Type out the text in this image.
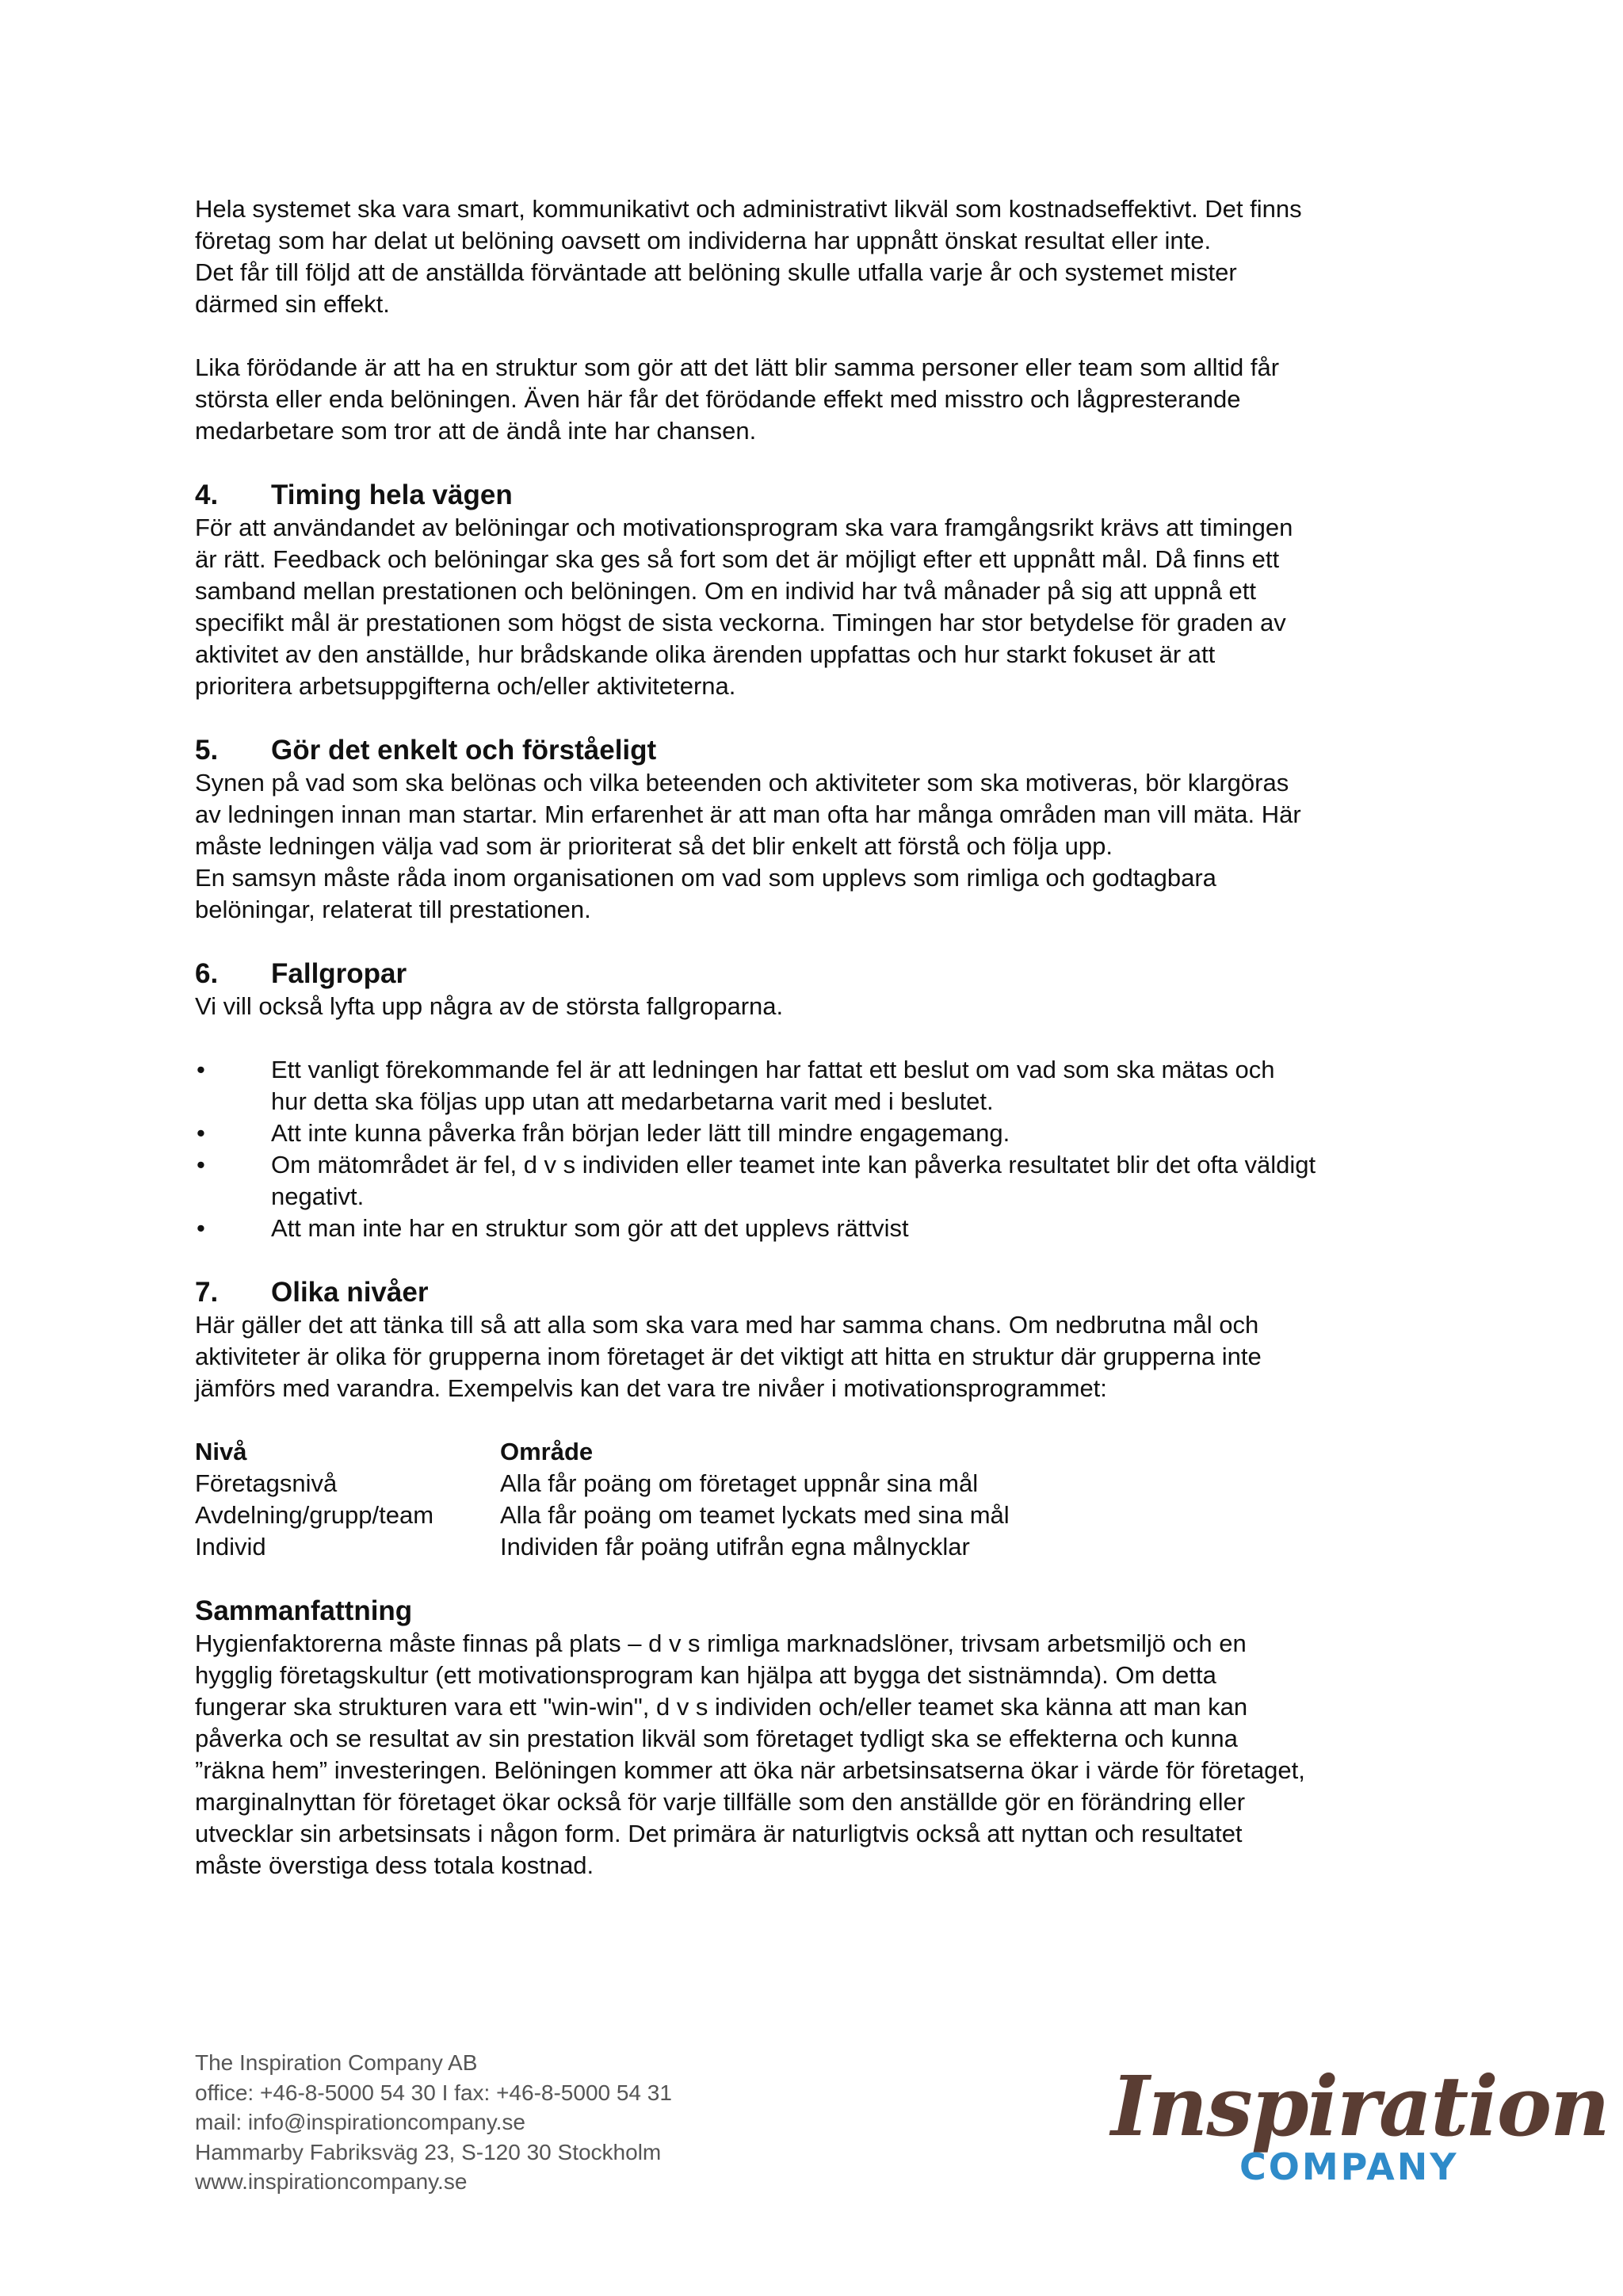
Hela systemet ska vara smart, kommunikativt och administrativt likväl som kostnadseffektivt. Det finns
företag som har delat ut belöning oavsett om individerna har uppnått önskat resultat eller inte.
Det får till följd att de anställda förväntade att belöning skulle utfalla varje år och systemet mister
därmed sin effekt.

Lika förödande är att ha en struktur som gör att det lätt blir samma personer eller team som alltid får
största eller enda belöningen. Även här får det förödande effekt med misstro och lågpresterande
medarbetare som tror att de ändå inte har chansen.

4. Timing hela vägen

För att användandet av belöningar och motivationsprogram ska vara framgångsrikt krävs att timingen
är rätt. Feedback och belöningar ska ges så fort som det är möjligt efter ett uppnått mål. Då finns ett
samband mellan prestationen och belöningen. Om en individ har två månader på sig att uppnå ett
specifikt mål är prestationen som högst de sista veckorna. Timingen har stor betydelse för graden av
aktivitet av den anställde, hur brådskande olika ärenden uppfattas och hur starkt fokuset är att
prioritera arbetsuppgifterna och/eller aktiviteterna.

5. Gör det enkelt och förståeligt

Synen på vad som ska belönas och vilka beteenden och aktiviteter som ska motiveras, bör klargöras
av ledningen innan man startar. Min erfarenhet är att man ofta har många områden man vill mäta. Här
måste ledningen välja vad som är prioriterat så det blir enkelt att förstå och följa upp.
En samsyn måste råda inom organisationen om vad som upplevs som rimliga och godtagbara
belöningar, relaterat till prestationen.

6. Fallgropar

Vi vill också lyfta upp några av de största fallgroparna.

•	Ett vanligt förekommande fel är att ledningen har fattat ett beslut om vad som ska mätas och
hur detta ska följas upp utan att medarbetarna varit med i beslutet.
•	Att inte kunna påverka från början leder lätt till mindre engagemang.
•	Om mätområdet är fel, d v s individen eller teamet inte kan påverka resultatet blir det ofta väldigt
negativt.
•	Att man inte har en struktur som gör att det upplevs rättvist
7. Olika nivåer

Här gäller det att tänka till så att alla som ska vara med har samma chans. Om nedbrutna mål och
aktiviteter är olika för grupperna inom företaget är det viktigt att hitta en struktur där grupperna inte
jämförs med varandra. Exempelvis kan det vara tre nivåer i motivationsprogrammet:

Nivå	Område
Företagsnivå	Alla får poäng om företaget uppnår sina mål
Avdelning/grupp/team	Alla får poäng om teamet lyckats med sina mål
Individ	Individen får poäng utifrån egna målnycklar
Sammanfattning

Hygienfaktorerna måste finnas på plats – d v s rimliga marknadslöner, trivsam arbetsmiljö och en
hygglig företagskultur (ett motivationsprogram kan hjälpa att bygga det sistnämnda). Om detta
fungerar ska strukturen vara ett "win-win", d v s individen och/eller teamet ska känna att man kan
påverka och se resultat av sin prestation likväl som företaget tydligt ska se effekterna och kunna
”räkna hem” investeringen. Belöningen kommer att öka när arbetsinsatserna ökar i värde för företaget,
marginalnyttan för företaget ökar också för varje tillfälle som den anställde gör en förändring eller
utvecklar sin arbetsinsats i någon form. Det primära är naturligtvis också att nyttan och resultatet
måste överstiga dess totala kostnad.

The Inspiration Company AB
office: +46-8-5000 54 30 I fax: +46-8-5000 54 31
mail: info@inspirationcompany.se
Hammarby Fabriksväg 23, S-120 30 Stockholm
www.inspirationcompany.se
Inspiration
COMPANY
